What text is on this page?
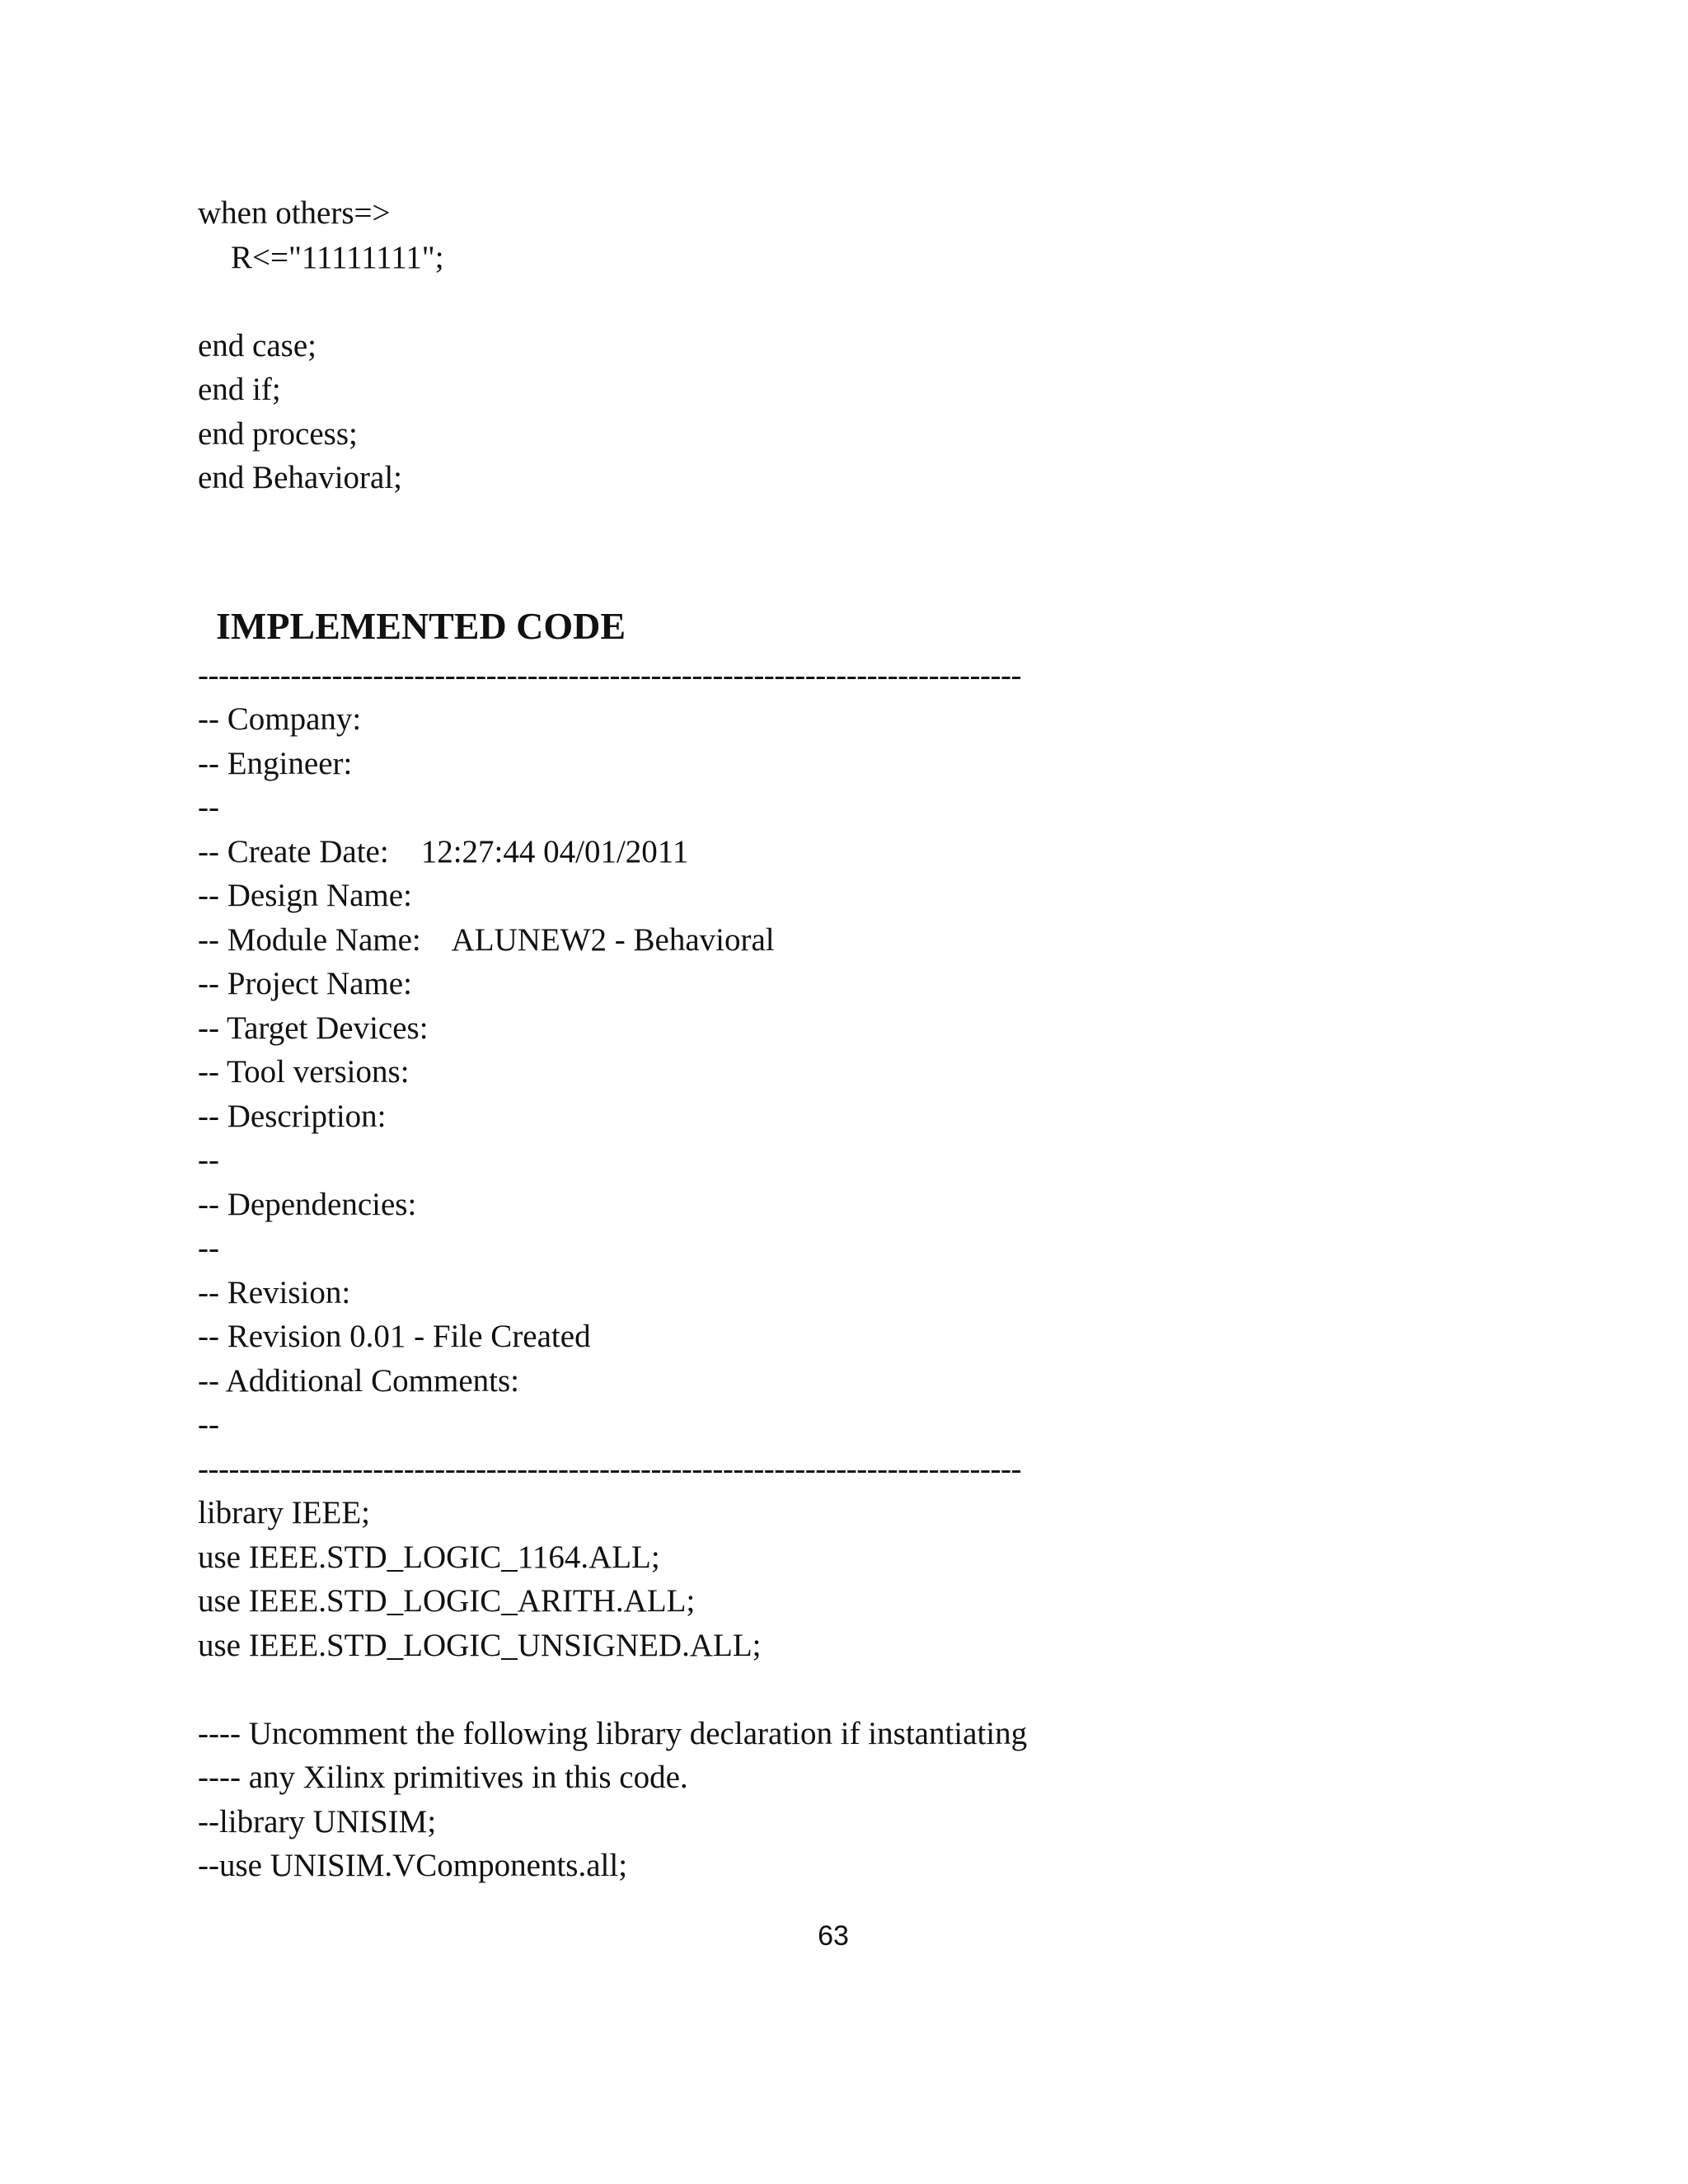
when others=>
R<="11111111";
end case;
end if;
end process;
end Behavioral;
IMPLEMENTED CODE
--------------------------------------------------------------------------------
-- Company:
-- Engineer:
--
-- Create Date:    12:27:44 04/01/2011
-- Design Name:
-- Module Name:    ALUNEW2 - Behavioral
-- Project Name:
-- Target Devices:
-- Tool versions:
-- Description:
--
-- Dependencies:
--
-- Revision:
-- Revision 0.01 - File Created
-- Additional Comments:
--
--------------------------------------------------------------------------------
library IEEE;
use IEEE.STD_LOGIC_1164.ALL;
use IEEE.STD_LOGIC_ARITH.ALL;
use IEEE.STD_LOGIC_UNSIGNED.ALL;
---- Uncomment the following library declaration if instantiating
---- any Xilinx primitives in this code.
--library UNISIM;
--use UNISIM.VComponents.all;
63
